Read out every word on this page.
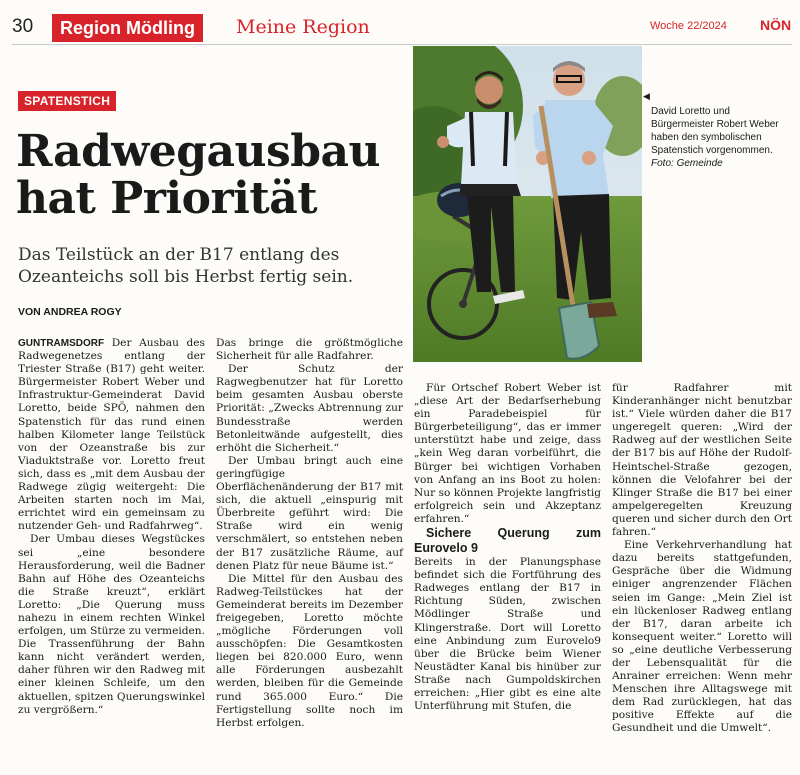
30	Region Mödling	Meine Region	Woche 22/2024 NÖN
SPATENSTICH
Radwegausbau hat Priorität
Das Teilstück an der B17 entlang des Ozeanteichs soll bis Herbst fertig sein.
VON ANDREA ROGY
◀
David Loretto und Bürgermeister Robert Weber haben den symbolischen Spatenstich vorgenommen.
Foto: Gemeinde

GUNTRAMSDORF Der Ausbau des Radwegenetzes entlang der Triester Straße (B17) geht weiter. Bürgermeister Robert Weber und Infrastruktur-Gemeinderat David Loretto, beide SPÖ, nahmen den Spatenstich für das rund einen halben Kilometer lange Teilstück von der Ozeanstraße bis zur Viaduktstraße vor. Loretto freut sich, dass es „mit dem Ausbau der Radwege zügig weitergeht: Die Arbeiten starten noch im Mai, errichtet wird ein gemeinsam zu nutzender Geh- und Radfahrweg“.

Der Umbau dieses Wegstückes sei „eine besondere Herausforderung, weil die Badner Bahn auf Höhe des Ozeanteichs die Straße kreuzt“, erklärt Loretto: „Die Querung muss nahezu in einem rechten Winkel erfolgen, um Stürze zu vermeiden. Die Trassenführung der Bahn kann nicht verändert werden, daher führen wir den Radweg mit einer kleinen Schleife, um den aktuellen, spitzen Querungswinkel zu vergrößern.“

Das bringe die größtmögliche Sicherheit für alle Radfahrer.

Der Schutz der Ragwegbenutzer hat für Loretto beim gesamten Ausbau oberste Priorität: „Zwecks Abtrennung zur Bundesstraße werden Betonleitwände aufgestellt, dies erhöht die Sicherheit.“

Der Umbau bringt auch eine geringfügige Oberflächenänderung der B17 mit sich, die aktuell „einspurig mit Überbreite geführt wird: Die Straße wird ein wenig verschmälert, so entstehen neben der B17 zusätzliche Räume, auf denen Platz für neue Bäume ist.“

Die Mittel für den Ausbau des Radweg-Teilstückes hat der Gemeinderat bereits im Dezember freigegeben, Loretto möchte „mögliche Förderungen voll ausschöpfen: Die Gesamtkosten liegen bei 820.000 Euro, wenn alle Förderungen ausbezahlt werden, bleiben für die Gemeinde rund 365.000 Euro.“ Die Fertigstellung sollte noch im Herbst erfolgen.

Für Ortschef Robert Weber ist „diese Art der Bedarfserhebung ein Paradebeispiel für Bürgerbeteiligung“, das er immer unterstützt habe und zeige, dass „kein Weg daran vorbeiführt, die Bürger bei wichtigen Vorhaben von Anfang an ins Boot zu holen: Nur so können Projekte langfristig erfolgreich sein und Akzeptanz erfahren.“

Sichere Querung zum Eurovelo 9

Bereits in der Planungsphase befindet sich die Fortführung des Radweges entlang der B17 in Richtung Süden, zwischen Mödlinger Straße und Klingerstraße. Dort will Loretto eine Anbindung zum Eurovelo9 über die Brücke beim Wiener Neustädter Kanal bis hinüber zur Straße nach Gumpoldskirchen erreichen: „Hier gibt es eine alte Unterführung mit Stufen, die

für Radfahrer mit Kinderanhänger nicht benutzbar ist.“ Viele würden daher die B17 ungeregelt queren: „Wird der Radweg auf der westlichen Seite der B17 bis auf Höhe der Rudolf-Heintschel-Straße gezogen, können die Velofahrer bei der Klinger Straße die B17 bei einer ampelgeregelten Kreuzung queren und sicher durch den Ort fahren.“

Eine Verkehrverhandlung hat dazu bereits stattgefunden, Gespräche über die Widmung einiger angrenzender Flächen seien im Gange: „Mein Ziel ist ein lückenloser Radweg entlang der B17, daran arbeite ich konsequent weiter.“ Loretto will so „eine deutliche Verbesserung der Lebensqualität für die Anrainer erreichen: Wenn mehr Menschen ihre Alltagswege mit dem Rad zurücklegen, hat das positive Effekte auf die Gesundheit und die Umwelt“.
